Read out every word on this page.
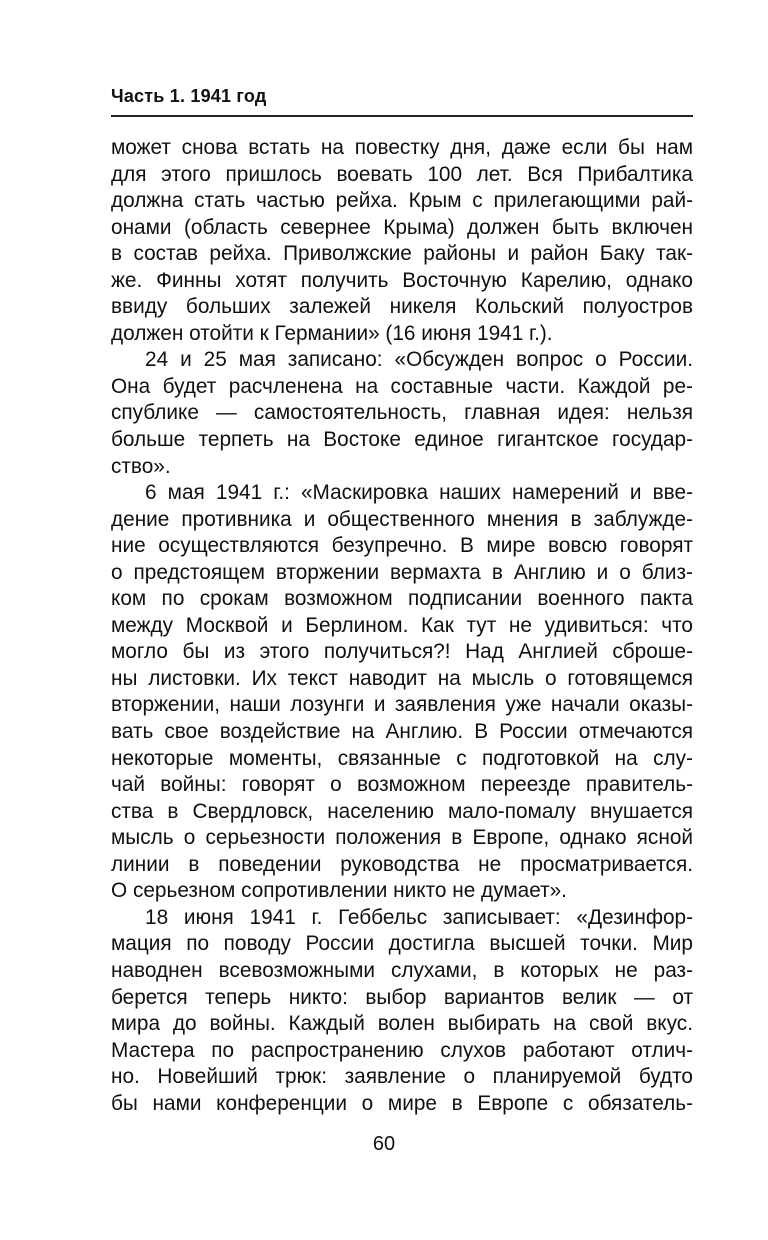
Часть 1. 1941 год
может снова встать на повестку дня, даже если бы нам
для этого пришлось воевать 100 лет. Вся Прибалтика
должна стать частью рейха. Крым с прилегающими рай-
онами (область севернее Крыма) должен быть включен
в состав рейха. Приволжские районы и район Баку так-
же. Финны хотят получить Восточную Карелию, однако
ввиду больших залежей никеля Кольский полуостров
должен отойти к Германии» (16 июня 1941 г.).
24 и 25 мая записано: «Обсужден вопрос о России.
Она будет расчленена на составные части. Каждой ре-
спублике — самостоятельность, главная идея: нельзя
больше терпеть на Востоке единое гигантское государ-
ство».
6 мая 1941 г.: «Маскировка наших намерений и вве-
дение противника и общественного мнения в заблужде-
ние осуществляются безупречно. В мире вовсю говорят
о предстоящем вторжении вермахта в Англию и о близ-
ком по срокам возможном подписании военного пакта
между Москвой и Берлином. Как тут не удивиться: что
могло бы из этого получиться?! Над Англией сброше-
ны листовки. Их текст наводит на мысль о готовящемся
вторжении, наши лозунги и заявления уже начали оказы-
вать свое воздействие на Англию. В России отмечаются
некоторые моменты, связанные с подготовкой на слу-
чай войны: говорят о возможном переезде правитель-
ства в Свердловск, населению мало-помалу внушается
мысль о серьезности положения в Европе, однако ясной
линии в поведении руководства не просматривается.
О серьезном сопротивлении никто не думает».
18 июня 1941 г. Геббельс записывает: «Дезинфор-
мация по поводу России достигла высшей точки. Мир
наводнен всевозможными слухами, в которых не раз-
берется теперь никто: выбор вариантов велик — от
мира до войны. Каждый волен выбирать на свой вкус.
Мастера по распространению слухов работают отлич-
но. Новейший трюк: заявление о планируемой будто
бы нами конференции о мире в Европе с обязатель-
60
